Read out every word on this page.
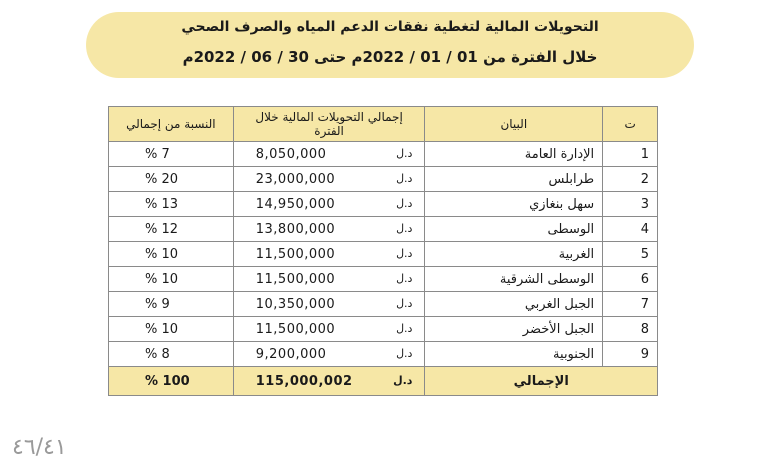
التحويلات المالية لتغطية نفقات الدعم المياه والصرف الصحي
خلال الفترة من 01 / 01 / 2022م حتى 30 / 06 / 2022م
ت	البيان	إجمالي التحويلات المالية خلال الفترة	النسبة من إجمالي
1	الإدارة العامة	8,050,000 د.ل	% 7

2	طرابلس	23,000,000 د.ل	% 20

3	سهل بنغازي	14,950,000 د.ل	% 13

4	الوسطى	13,800,000 د.ل	% 12

5	الغربية	11,500,000 د.ل	% 10

6	الوسطى الشرقية	11,500,000 د.ل	% 10

7	الجبل الغربي	10,350,000 د.ل	% 9

8	الجبل الأخضر	11,500,000 د.ل	% 10

9	الجنوبية	9,200,000 د.ل	% 8

الإجمالي		115,000,002 د.ل	% 100
٤٦/٤١
